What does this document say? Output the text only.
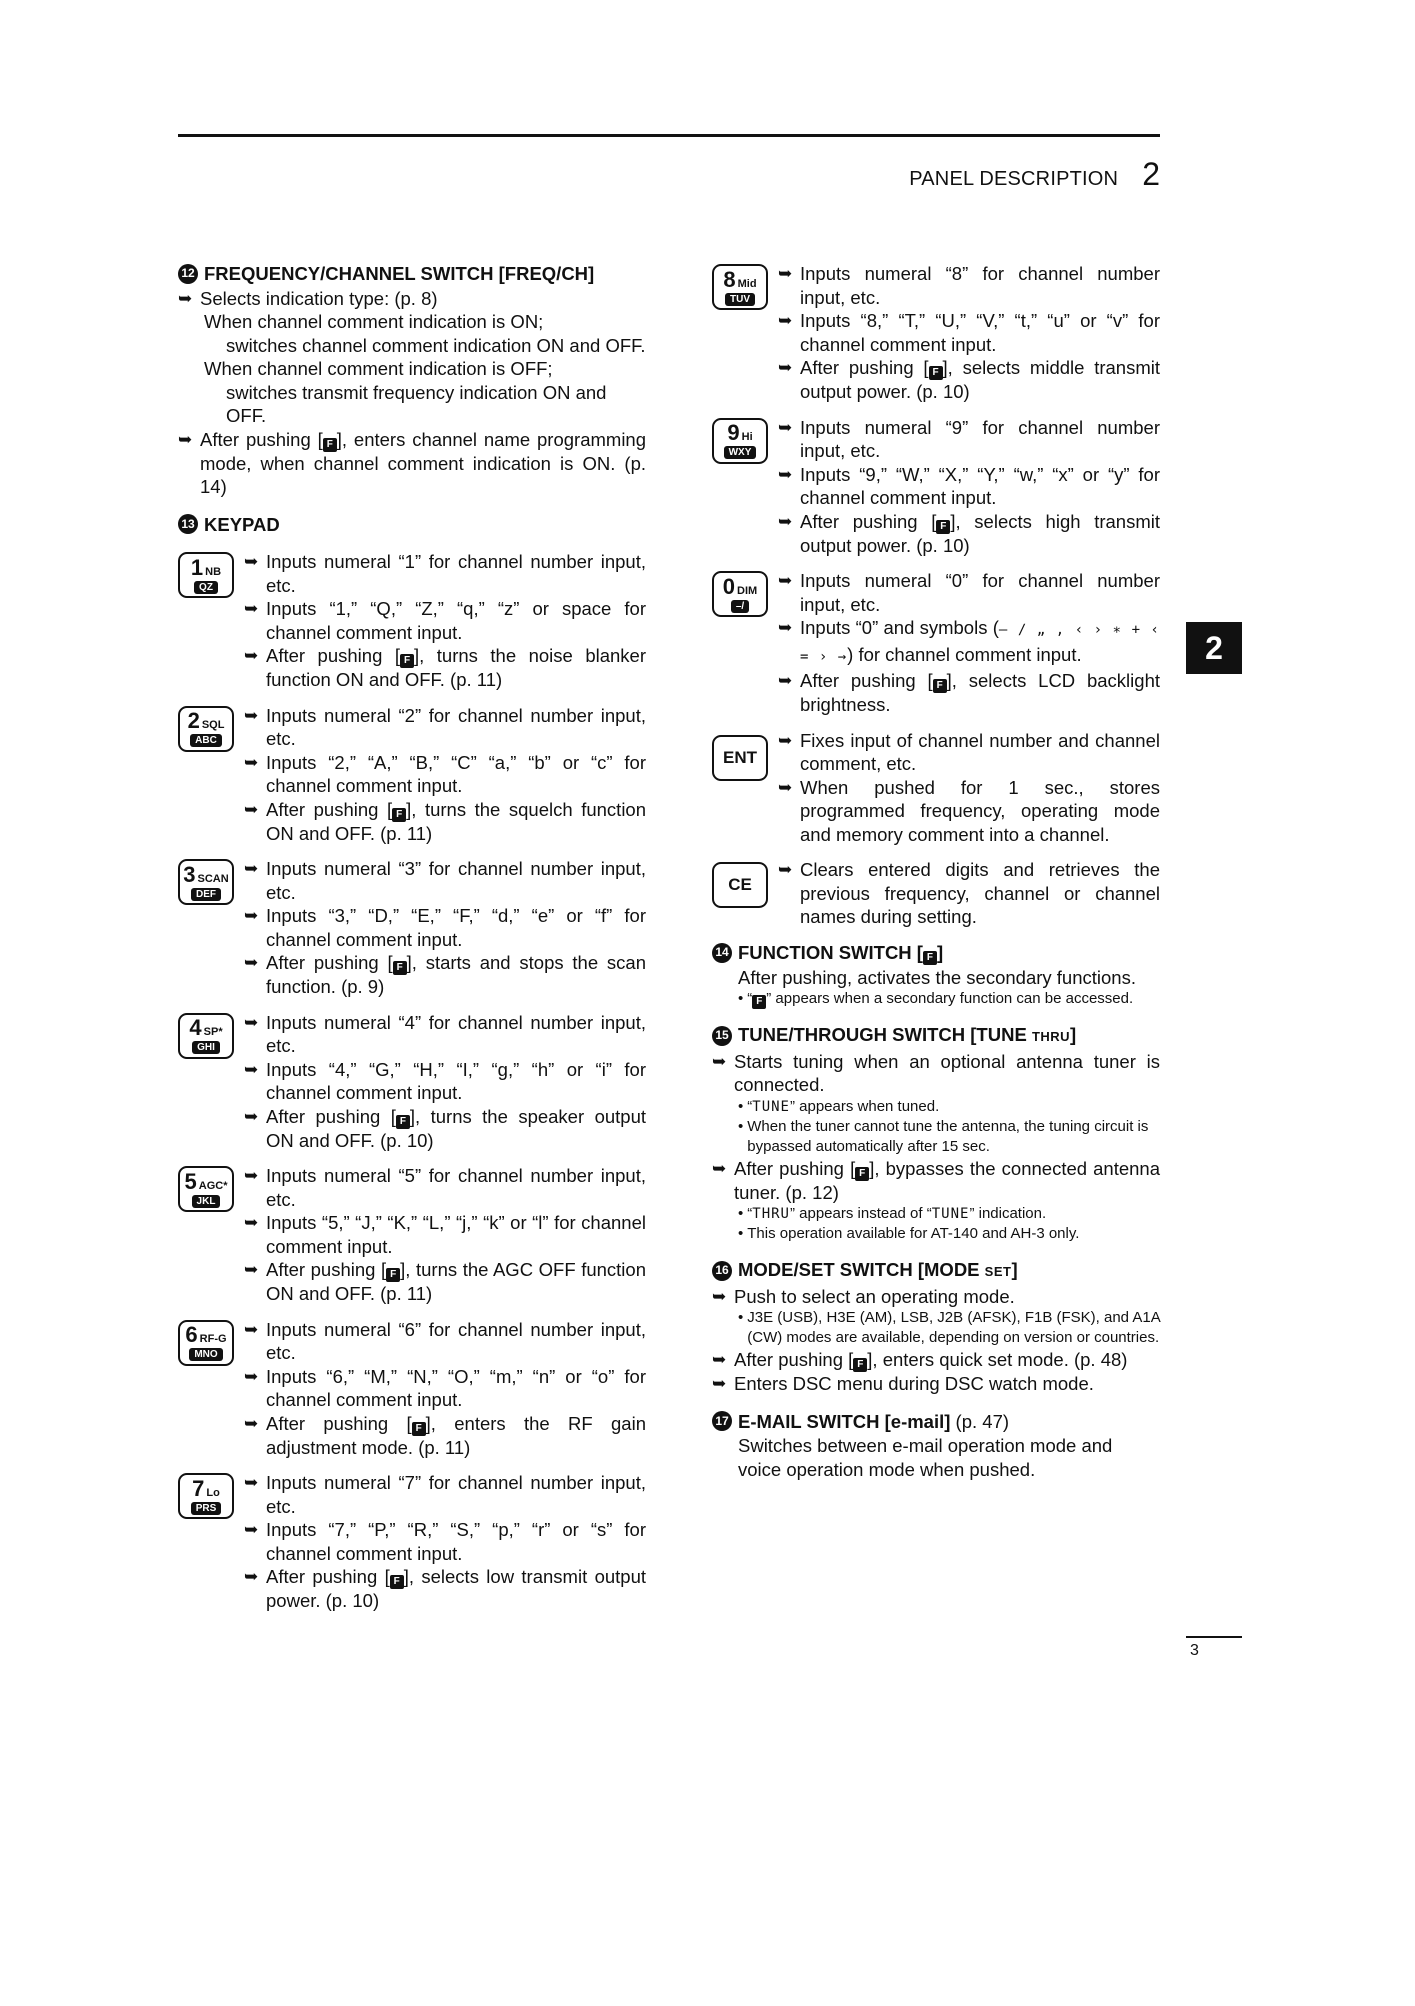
PANEL DESCRIPTION 2
2
12 FREQUENCY/CHANNEL SWITCH [FREQ/CH]
➥ Selects indication type: (p. 8)
When channel comment indication is ON;
switches channel comment indication ON and OFF.
When channel comment indication is OFF;
switches transmit frequency indication ON and OFF.
➥ After pushing [ F ], enters channel name programming mode, when channel comment indication is ON. (p. 14)
13 KEYPAD
1 NB
QZ
➥ Inputs numeral “1” for channel number input, etc.
➥ Inputs “1,” “Q,” “Z,” “q,” “z” or space for channel comment input.
➥ After pushing [ F ], turns the noise blanker function ON and OFF. (p. 11)
2 SQL
ABC
➥ Inputs numeral “2” for channel number input, etc.
➥ Inputs “2,” “A,” “B,” “C” “a,” “b” or “c” for channel comment input.
➥ After pushing [ F ], turns the squelch function ON and OFF. (p. 11)
3 SCAN
DEF
➥ Inputs numeral “3” for channel number input, etc.
➥ Inputs “3,” “D,” “E,” “F,” “d,” “e” or “f” for channel comment input.
➥ After pushing [ F ], starts and stops the scan function. (p. 9)
4 SP*
GHI
➥ Inputs numeral “4” for channel number input, etc.
➥ Inputs “4,” “G,” “H,” “I,” “g,” “h” or “i” for channel comment input.
➥ After pushing [ F ], turns the speaker output ON and OFF. (p. 10)
5 AGC*
JKL
➥ Inputs numeral “5” for channel number input, etc.
➥ Inputs “5,” “J,” “K,” “L,” “j,” “k” or “l” for channel comment input.
➥ After pushing [ F ], turns the AGC OFF function ON and OFF. (p. 11)
6 RF-G
MNO
➥ Inputs numeral “6” for channel number input, etc.
➥ Inputs “6,” “M,” “N,” “O,” “m,” “n” or “o” for channel comment input.
➥ After pushing [ F ], enters the RF gain adjustment mode. (p. 11)
7 Lo
PRS
➥ Inputs numeral “7” for channel number input, etc.
➥ Inputs “7,” “P,” “R,” “S,” “p,” “r” or “s” for channel comment input.
➥ After pushing [ F ], selects low transmit output power. (p. 10)
8 Mid
TUV
➥ Inputs numeral “8” for channel number input, etc.
➥ Inputs “8,” “T,” “U,” “V,” “t,” “u” or “v” for channel comment input.
➥ After pushing [ F ], selects middle transmit output power. (p. 10)
9 Hi
WXY
➥ Inputs numeral “9” for channel number input, etc.
➥ Inputs “9,” “W,” “X,” “Y,” “w,” “x” or “y” for channel comment input.
➥ After pushing [ F ], selects high transmit output power. (p. 10)
0 DIM
–/
➥ Inputs numeral “0” for channel number input, etc.
➥ Inputs “0” and symbols (— ∕ „ ‚ ‹ › ∗ + ‹ = › →) for channel comment input.
➥ After pushing [ F ], selects LCD backlight brightness.
ENT
➥ Fixes input of channel number and channel comment, etc.
➥ When pushed for 1 sec., stores programmed frequency, operating mode and memory comment into a channel.
CE
➥ Clears entered digits and retrieves the previous frequency, channel or channel names during setting.
14 FUNCTION SWITCH [ F ]
After pushing, activates the secondary functions.
• “ F ” appears when a secondary function can be accessed.
15 TUNE/THROUGH SWITCH [TUNE THRU]
➥ Starts tuning when an optional antenna tuner is connected.
• “TUNE” appears when tuned.
• When the tuner cannot tune the antenna, the tuning circuit is bypassed automatically after 15 sec.
➥ After pushing [ F ], bypasses the connected antenna tuner. (p. 12)
• “THRU” appears instead of “TUNE” indication.
• This operation available for AT-140 and AH-3 only.
16 MODE/SET SWITCH [MODE SET]
➥ Push to select an operating mode.
• J3E (USB), H3E (AM), LSB, J2B (AFSK), F1B (FSK), and A1A (CW) modes are available, depending on version or countries.
➥ After pushing [ F ], enters quick set mode. (p. 48)
➥ Enters DSC menu during DSC watch mode.
17 E-MAIL SWITCH [e-mail] (p. 47)
Switches between e-mail operation mode and voice operation mode when pushed.
3
